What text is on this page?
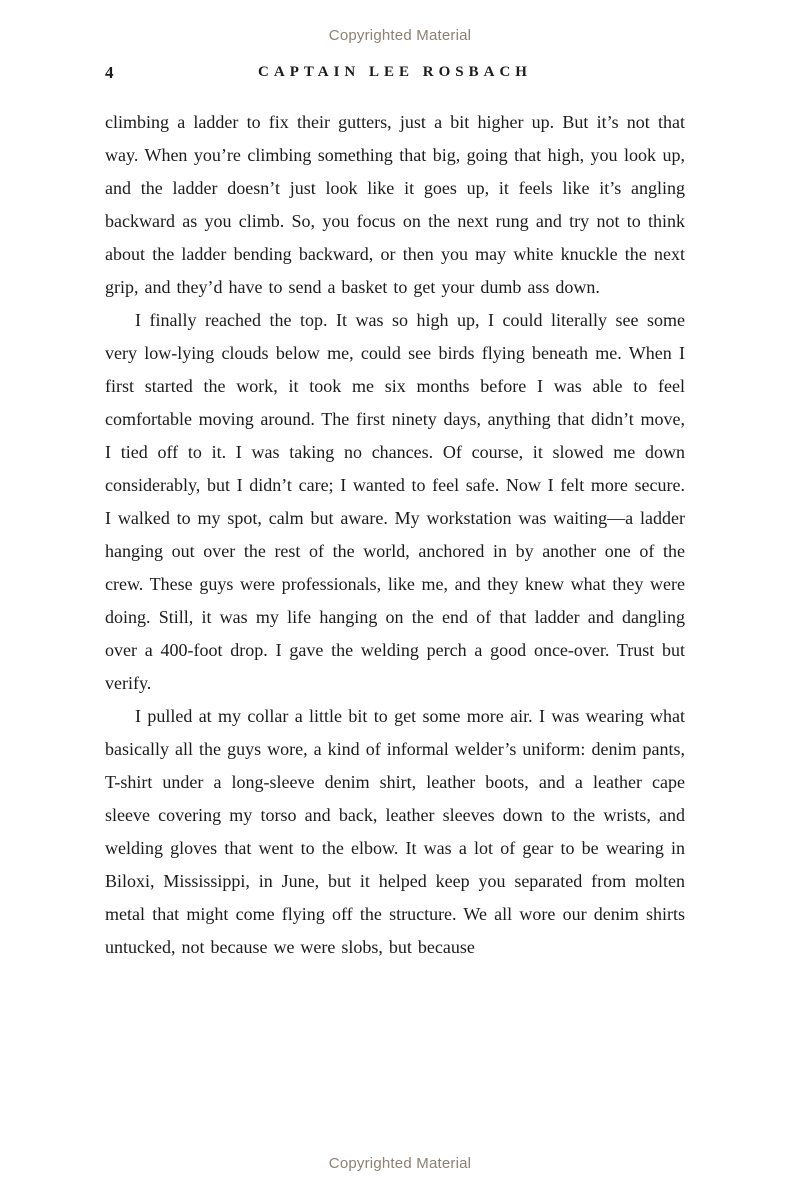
Copyrighted Material
4	CAPTAIN LEE ROSBACH

climbing a ladder to fix their gutters, just a bit higher up. But it’s not that way. When you’re climbing something that big, going that high, you look up, and the ladder doesn’t just look like it goes up, it feels like it’s angling backward as you climb. So, you focus on the next rung and try not to think about the ladder bending backward, or then you may white knuckle the next grip, and they’d have to send a basket to get your dumb ass down.

I finally reached the top. It was so high up, I could literally see some very low-lying clouds below me, could see birds flying beneath me. When I first started the work, it took me six months before I was able to feel comfortable moving around. The first ninety days, anything that didn’t move, I tied off to it. I was taking no chances. Of course, it slowed me down considerably, but I didn’t care; I wanted to feel safe. Now I felt more secure. I walked to my spot, calm but aware. My workstation was waiting—a ladder hanging out over the rest of the world, anchored in by another one of the crew. These guys were professionals, like me, and they knew what they were doing. Still, it was my life hanging on the end of that ladder and dangling over a 400-foot drop. I gave the welding perch a good once-over. Trust but verify.

I pulled at my collar a little bit to get some more air. I was wearing what basically all the guys wore, a kind of informal welder’s uniform: denim pants, T-shirt under a long-sleeve denim shirt, leather boots, and a leather cape sleeve covering my torso and back, leather sleeves down to the wrists, and welding gloves that went to the elbow. It was a lot of gear to be wearing in Biloxi, Mississippi, in June, but it helped keep you separated from molten metal that might come flying off the structure. We all wore our denim shirts untucked, not because we were slobs, but because

Copyrighted Material
